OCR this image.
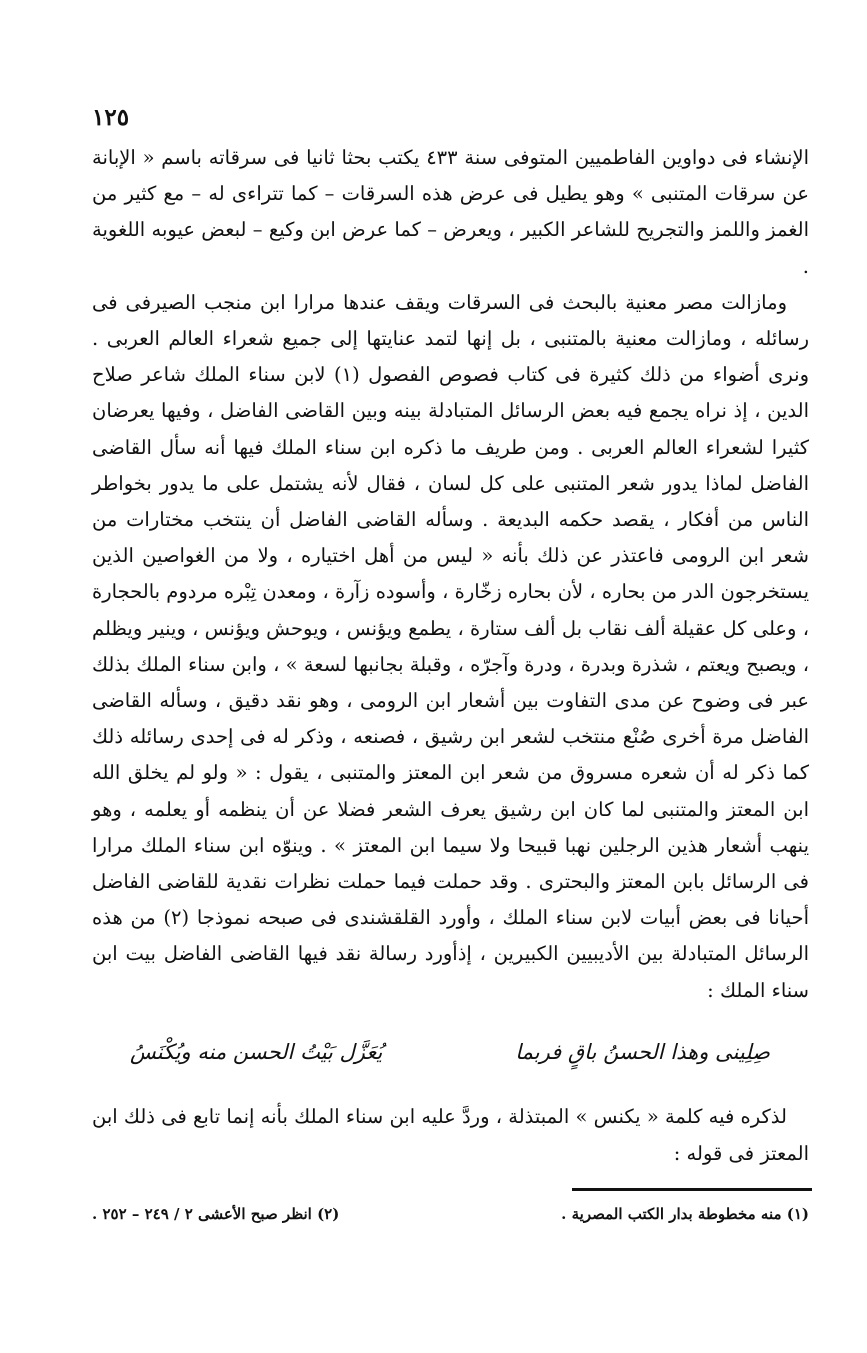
١٢٥

الإنشاء فى دواوين الفاطميين المتوفى سنة ٤٣٣ يكتب بحثا ثانيا فى سرقاته باسم « الإبانة عن سرقات المتنبى » وهو يطيل فى عرض هذه السرقات – كما تتراءى له – مع كثير من الغمز واللمز والتجريح للشاعر الكبير ، ويعرض – كما عرض ابن وكيع – لبعض عيوبه اللغوية .

ومازالت مصر معنية بالبحث فى السرقات ويقف عندها مرارا ابن منجب الصيرفى فى رسائله ، ومازالت معنية بالمتنبى ، بل إنها لتمد عنايتها إلى جميع شعراء العالم العربى . ونرى أضواء من ذلك كثيرة فى كتاب فصوص الفصول (١) لابن سناء الملك شاعر صلاح الدين ، إذ نراه يجمع فيه بعض الرسائل المتبادلة بينه وبين القاضى الفاضل ، وفيها يعرضان كثيرا لشعراء العالم العربى . ومن طريف ما ذكره ابن سناء الملك فيها أنه سأل القاضى الفاضل لماذا يدور شعر المتنبى على كل لسان ، فقال لأنه يشتمل على ما يدور بخواطر الناس من أفكار ، يقصد حكمه البديعة . وسأله القاضى الفاضل أن ينتخب مختارات من شعر ابن الرومى فاعتذر عن ذلك بأنه « ليس من أهل اختياره ، ولا من الغواصين الذين يستخرجون الدر من بحاره ، لأن بحاره زخّارة ، وأسوده زآرة ، ومعدن تِبْره مردوم بالحجارة ، وعلى كل عقيلة ألف نقاب بل ألف ستارة ، يطمع ويؤنس ، ويوحش ويؤنس ، وينير ويظلم ، ويصبح ويعتم ، شذرة وبدرة ، ودرة وآجرّه ، وقبلة بجانبها لسعة » ، وابن سناء الملك بذلك عبر فى وضوح عن مدى التفاوت بين أشعار ابن الرومى ، وهو نقد دقيق ، وسأله القاضى الفاضل مرة أخرى صُنْع منتخب لشعر ابن رشيق ، فصنعه ، وذكر له فى إحدى رسائله ذلك كما ذكر له أن شعره مسروق من شعر ابن المعتز والمتنبى ، يقول : « ولو لم يخلق الله ابن المعتز والمتنبى لما كان ابن رشيق يعرف الشعر فضلا عن أن ينظمه أو يعلمه ، وهو ينهب أشعار هذين الرجلين نهبا قبيحا ولا سيما ابن المعتز » . وينوّه ابن سناء الملك مرارا فى الرسائل بابن المعتز والبحترى . وقد حملت فيما حملت نظرات نقدية للقاضى الفاضل أحيانا فى بعض أبيات لابن سناء الملك ، وأورد القلقشندى فى صبحه نموذجا (٢) من هذه الرسائل المتبادلة بين الأديبيين الكبيرين ، إذأورد رسالة نقد فيها القاضى الفاضل بيت ابن سناء الملك :

صِلِينى وهذا الحسنُ باقٍ فربما
يُعَزَّل بَيْتُ الحسن منه ويُكْنَسُ

لذكره فيه كلمة « يكنس » المبتذلة ، وردَّ عليه ابن سناء الملك بأنه إنما تابع فى ذلك ابن المعتز فى قوله :

(١) منه مخطوطة بدار الكتب المصرية .
(٢) انظر صبح الأعشى ٢ / ٢٤٩ – ٢٥٢ .
